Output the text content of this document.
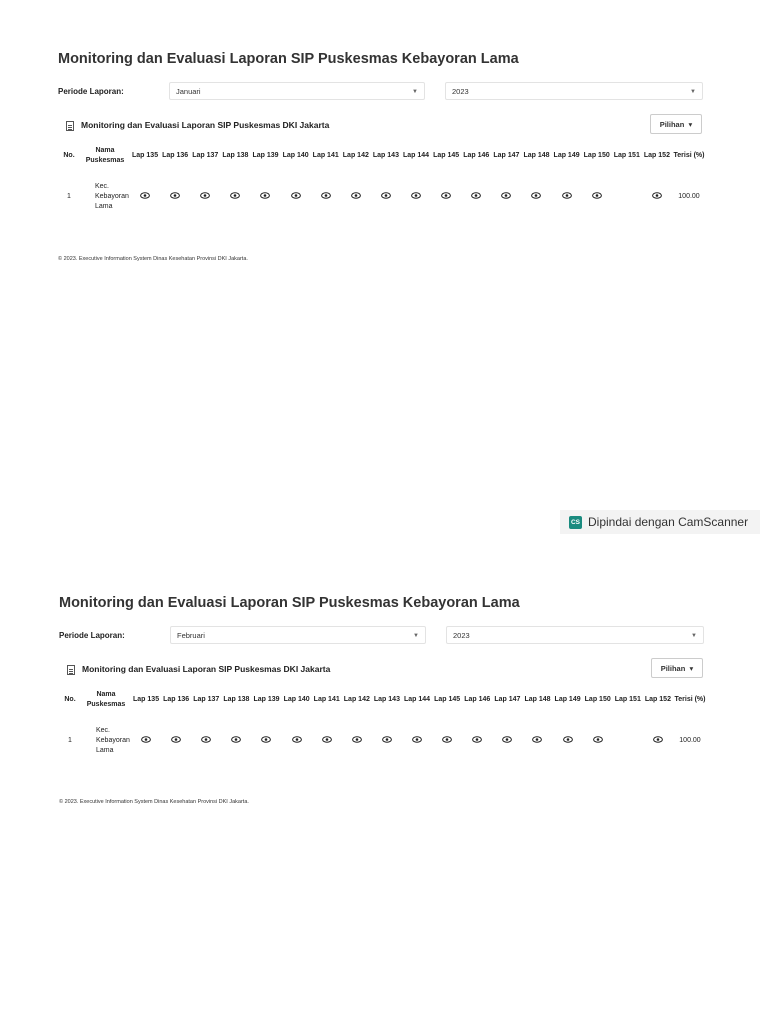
Monitoring dan Evaluasi Laporan SIP Puskesmas Kebayoran Lama
Periode Laporan:	Januari	▼	2023	▼
Monitoring dan Evaluasi Laporan SIP Puskesmas DKI Jakarta	Pilihan  ▾
No.	Nama Puskesmas	Lap 135	Lap 136	Lap 137	Lap 138	Lap 139	Lap 140	Lap 141	Lap 142	Lap 143	Lap 144	Lap 145	Lap 146	Lap 147	Lap 148	Lap 149	Lap 150	Lap 151	Lap 152	Terisi (%)
1	Kec. Kebayoran Lama																			100.00
© 2023. Executive Information System Dinas Kesehatan Provinsi DKI Jakarta.
CS Dipindai dengan CamScanner
Monitoring dan Evaluasi Laporan SIP Puskesmas Kebayoran Lama
Periode Laporan:	Februari	▼	2023	▼
Monitoring dan Evaluasi Laporan SIP Puskesmas DKI Jakarta	Pilihan  ▾
No.	Nama Puskesmas	Lap 135	Lap 136	Lap 137	Lap 138	Lap 139	Lap 140	Lap 141	Lap 142	Lap 143	Lap 144	Lap 145	Lap 146	Lap 147	Lap 148	Lap 149	Lap 150	Lap 151	Lap 152	Terisi (%)
1	Kec. Kebayoran Lama																			100.00
© 2023. Executive Information System Dinas Kesehatan Provinsi DKI Jakarta.
